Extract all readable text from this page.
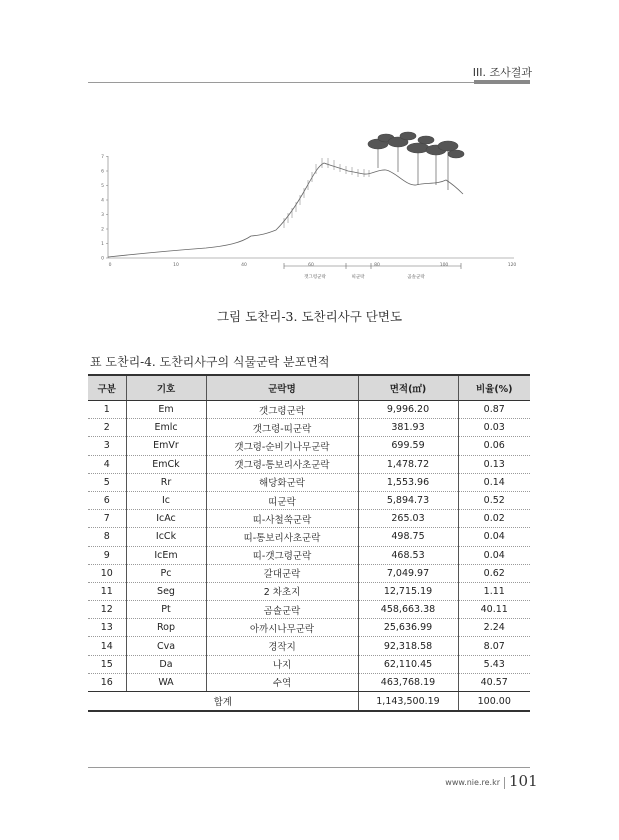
III. 조사결과
0
1
2
3
4
5
6
7
0	10	40	60	80	100	120
갯그령군락	띠군락	곰솔군락
그림 도찬리-3. 도찬리사구 단면도
표 도찬리-4. 도찬리사구의 식물군락 분포면적
구분	기호	군락명	면적(㎡)	비율(%)
1	Em	갯그령군락	9,996.20	0.87
2	Emlc	갯그령-띠군락	381.93	0.03
3	EmVr	갯그령-순비기나무군락	699.59	0.06
4	EmCk	갯그령-통보리사초군락	1,478.72	0.13
5	Rr	해당화군락	1,553.96	0.14
6	Ic	띠군락	5,894.73	0.52
7	IcAc	띠-사철쑥군락	265.03	0.02
8	IcCk	띠-통보리사초군락	498.75	0.04
9	IcEm	띠-갯그령군락	468.53	0.04
10	Pc	갈대군락	7,049.97	0.62
11	Seg	2 차초지	12,715.19	1.11
12	Pt	곰솔군락	458,663.38	40.11
13	Rop	아까시나무군락	25,636.99	2.24
14	Cva	경작지	92,318.58	8.07
15	Da	나지	62,110.45	5.43
16	WA	수역	463,768.19	40.57
합계			1,143,500.19	100.00
www.nie.re.kr 101
